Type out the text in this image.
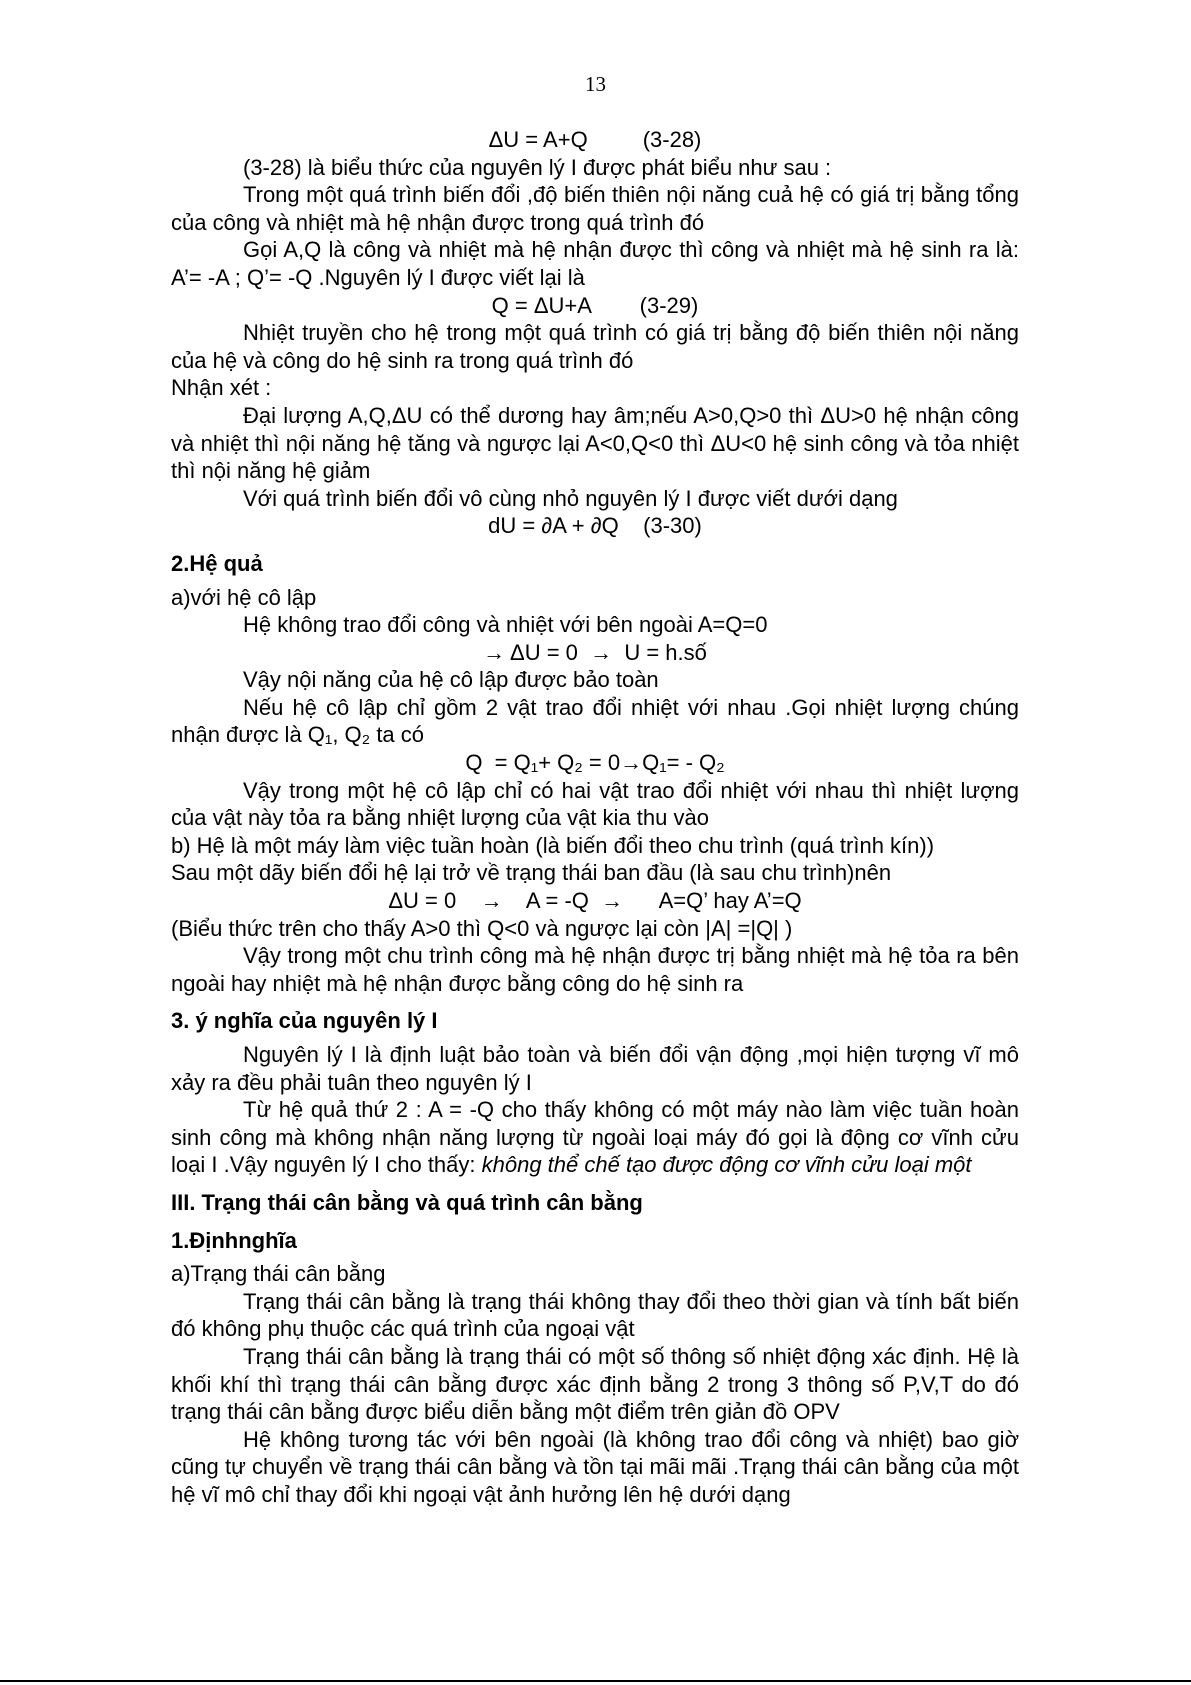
13

ΔU = A+Q         (3-28)

(3-28) là biểu thức của nguyên lý I được phát biểu như sau :

Trong một quá trình biến đổi ,độ biến thiên nội năng cuả hệ có giá trị bằng tổng của công và nhiệt mà hệ nhận được trong quá trình đó

Gọi A,Q là công và nhiệt mà hệ nhận được thì công và nhiệt mà hệ sinh ra là: A’= -A ; Q’= -Q .Nguyên lý I được viết lại là

Q = ΔU+A        (3-29)

Nhiệt truyền cho hệ trong một quá trình có giá trị bằng độ biến thiên nội năng của hệ và công do hệ sinh ra trong quá trình đó

Nhận xét :

Đại lượng A,Q,ΔU có thể dương hay âm;nếu A>0,Q>0 thì ΔU>0 hệ nhận công và nhiệt thì nội năng hệ tăng và ngược lại A<0,Q<0 thì ΔU<0 hệ sinh công và tỏa nhiệt thì nội năng hệ giảm

Với quá trình biến đổi vô cùng nhỏ nguyên lý I được viết dưới dạng

dU = ∂A + ∂Q    (3-30)

2.Hệ quả

a)với hệ cô lập

Hệ không trao đổi công và nhiệt với bên ngoài A=Q=0

→ ΔU = 0  →  U = h.số

Vậy nội năng của hệ cô lập được bảo toàn

Nếu hệ cô lập chỉ gồm 2 vật trao đổi nhiệt với nhau .Gọi nhiệt lượng chúng nhận được là Q₁, Q₂ ta có

Q  = Q₁+ Q₂ = 0→Q₁= - Q₂

Vậy trong một hệ cô lập chỉ có hai vật trao đổi nhiệt với nhau thì nhiệt lượng của vật này tỏa ra bằng nhiệt lượng của vật kia thu vào

b) Hệ là một máy làm việc tuần hoàn (là biến đổi theo chu trình (quá trình kín))

Sau một dãy biến đổi hệ lại trở về trạng thái ban đầu (là sau chu trình)nên

ΔU = 0    →    A = -Q  →      A=Q’ hay A’=Q

(Biểu thức trên cho thấy A>0 thì Q<0 và ngược lại còn |A| =|Q| )

Vậy trong một chu trình công mà hệ nhận được trị bằng nhiệt mà hệ tỏa ra bên ngoài hay nhiệt mà hệ nhận được bằng công do hệ sinh ra

3. ý nghĩa của nguyên lý I

Nguyên lý I là định luật bảo toàn và biến đổi vận động ,mọi hiện tượng vĩ mô xảy ra đều phải tuân theo nguyên lý I

Từ hệ quả thứ 2 : A = -Q cho thấy không có một máy nào làm việc tuần hoàn sinh công mà không nhận năng lượng từ ngoài loại máy đó gọi là động cơ vĩnh cửu loại I .Vậy nguyên lý I cho thấy: không thể chế tạo được động cơ vĩnh cửu loại một

III. Trạng thái cân bằng và quá trình cân bằng

1.Địnhnghĩa

a)Trạng thái cân bằng

Trạng thái cân bằng là trạng thái không thay đổi theo thời gian và tính bất biến đó không phụ thuộc các quá trình của ngoại vật

Trạng thái cân bằng là trạng thái có một số thông số nhiệt động xác định. Hệ là khối khí thì trạng thái cân bằng được xác định bằng 2 trong 3 thông số P,V,T do đó trạng thái cân bằng được biểu diễn bằng một điểm trên giản đồ OPV

Hệ không tương tác với bên ngoài (là không trao đổi công và nhiệt) bao giờ cũng tự chuyển về trạng thái cân bằng và tồn tại mãi mãi .Trạng thái cân bằng của một hệ vĩ mô chỉ thay đổi khi ngoại vật ảnh hưởng lên hệ dưới dạng
